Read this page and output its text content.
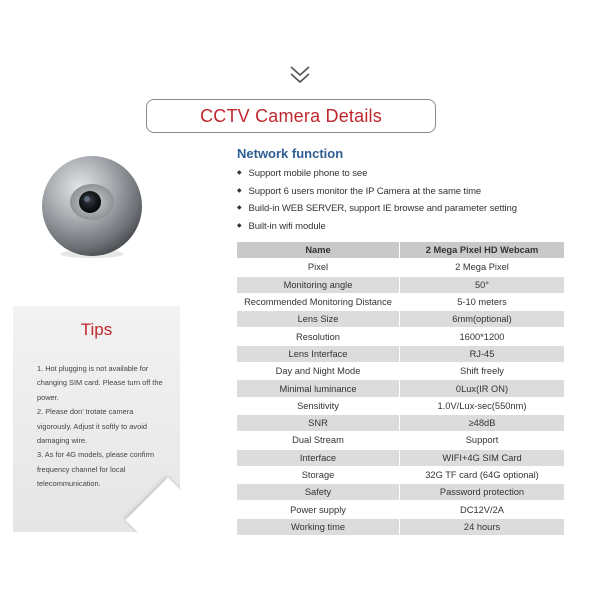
CCTV Camera Details
Network function
◆ Support mobile phone to see
◆ Support 6 users monitor the IP Camera at the same time
◆ Build-in WEB SERVER, support IE browse and parameter setting
◆ Built-in wifi module
Name	2 Mega Pixel HD Webcam
Pixel	2 Mega Pixel
Monitoring angle	50°
Recommended Monitoring Distance	5-10 meters
Lens Size	6mm(optional)
Resolution	1600*1200
Lens Interface	RJ-45
Day and Night Mode	Shift freely
Minimal luminance	0Lux(IR ON)
Sensitivity	1.0V/Lux-sec(550nm)
SNR	≥48dB
Dual Stream	Support
Interface	WIFI+4G SIM Card
Storage	32G TF card (64G optional)
Safety	Password protection
Power supply	DC12V/2A
Working time	24 hours
Tips

1. Hot plugging is not available for

changing SIM card. Please turn off the

power.

2. Please don' trotate camera

vigorously. Adjust it softly to avoid

damaging wire.

3. As for 4G models, please confirm

frequency channel for local

telecommunication.
